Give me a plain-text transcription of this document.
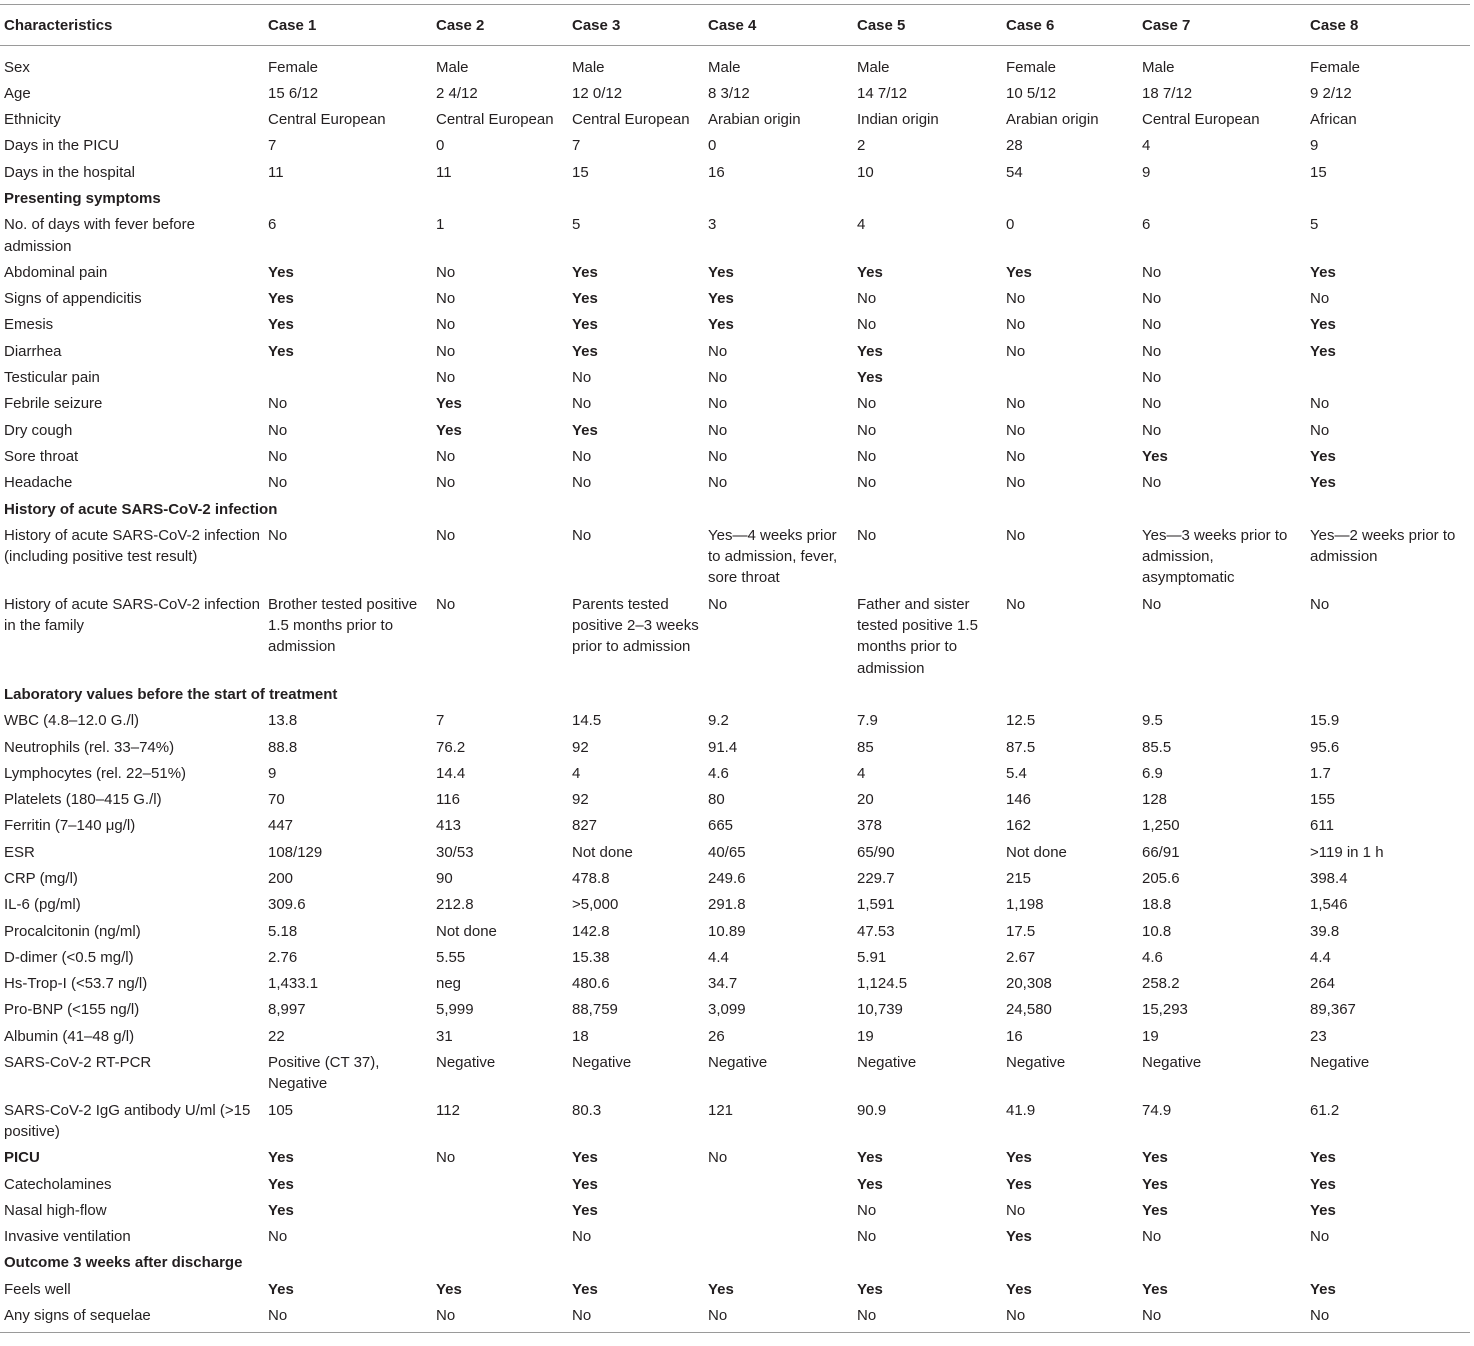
Characteristics	Case 1	Case 2	Case 3	Case 4	Case 5	Case 6	Case 7	Case 8

Sex	Female	Male	Male	Male	Male	Female	Male	Female
Age	15 6/12	2 4/12	12 0/12	8 3/12	14 7/12	10 5/12	18 7/12	9 2/12
Ethnicity	Central European	Central European	Central European	Arabian origin	Indian origin	Arabian origin	Central European	African
Days in the PICU	7	0	7	0	2	28	4	9
Days in the hospital	11	11	15	16	10	54	9	15
Presenting symptoms								
No. of days with fever before admission	6	1	5	3	4	0	6	5
Abdominal pain	Yes	No	Yes	Yes	Yes	Yes	No	Yes
Signs of appendicitis	Yes	No	Yes	Yes	No	No	No	No
Emesis	Yes	No	Yes	Yes	No	No	No	Yes
Diarrhea	Yes	No	Yes	No	Yes	No	No	Yes
Testicular pain		No	No	No	Yes		No	
Febrile seizure	No	Yes	No	No	No	No	No	No
Dry cough	No	Yes	Yes	No	No	No	No	No
Sore throat	No	No	No	No	No	No	Yes	Yes
Headache	No	No	No	No	No	No	No	Yes
History of acute SARS-CoV-2 infection								
History of acute SARS-CoV-2 infection (including positive test result)	No	No	No	Yes—4 weeks prior to admission, fever, sore throat	No	No	Yes—3 weeks prior to admission, asymptomatic	Yes—2 weeks prior to admission
History of acute SARS-CoV-2 infection in the family	Brother tested positive 1.5 months prior to admission	No	Parents tested positive 2–3 weeks prior to admission	No	Father and sister tested positive 1.5 months prior to admission	No	No	No
Laboratory values before the start of treatment								
WBC (4.8–12.0 G./l)	13.8	7	14.5	9.2	7.9	12.5	9.5	15.9
Neutrophils (rel. 33–74%)	88.8	76.2	92	91.4	85	87.5	85.5	95.6
Lymphocytes (rel. 22–51%)	9	14.4	4	4.6	4	5.4	6.9	1.7
Platelets (180–415 G./l)	70	116	92	80	20	146	128	155
Ferritin (7–140 μg/l)	447	413	827	665	378	162	1,250	611
ESR	108/129	30/53	Not done	40/65	65/90	Not done	66/91	>119 in 1 h
CRP (mg/l)	200	90	478.8	249.6	229.7	215	205.6	398.4
IL-6 (pg/ml)	309.6	212.8	>5,000	291.8	1,591	1,198	18.8	1,546
Procalcitonin (ng/ml)	5.18	Not done	142.8	10.89	47.53	17.5	10.8	39.8
D-dimer (<0.5 mg/l)	2.76	5.55	15.38	4.4	5.91	2.67	4.6	4.4
Hs-Trop-I (<53.7 ng/l)	1,433.1	neg	480.6	34.7	1,124.5	20,308	258.2	264
Pro-BNP (<155 ng/l)	8,997	5,999	88,759	3,099	10,739	24,580	15,293	89,367
Albumin (41–48 g/l)	22	31	18	26	19	16	19	23
SARS-CoV-2 RT-PCR	Positive (CT 37), Negative	Negative	Negative	Negative	Negative	Negative	Negative	Negative
SARS-CoV-2 IgG antibody U/ml (>15 positive)	105	112	80.3	121	90.9	41.9	74.9	61.2
PICU	Yes	No	Yes	No	Yes	Yes	Yes	Yes
Catecholamines	Yes		Yes		Yes	Yes	Yes	Yes
Nasal high-flow	Yes		Yes		No	No	Yes	Yes
Invasive ventilation	No		No		No	Yes	No	No
Outcome 3 weeks after discharge								
Feels well	Yes	Yes	Yes	Yes	Yes	Yes	Yes	Yes
Any signs of sequelae	No	No	No	No	No	No	No	No
